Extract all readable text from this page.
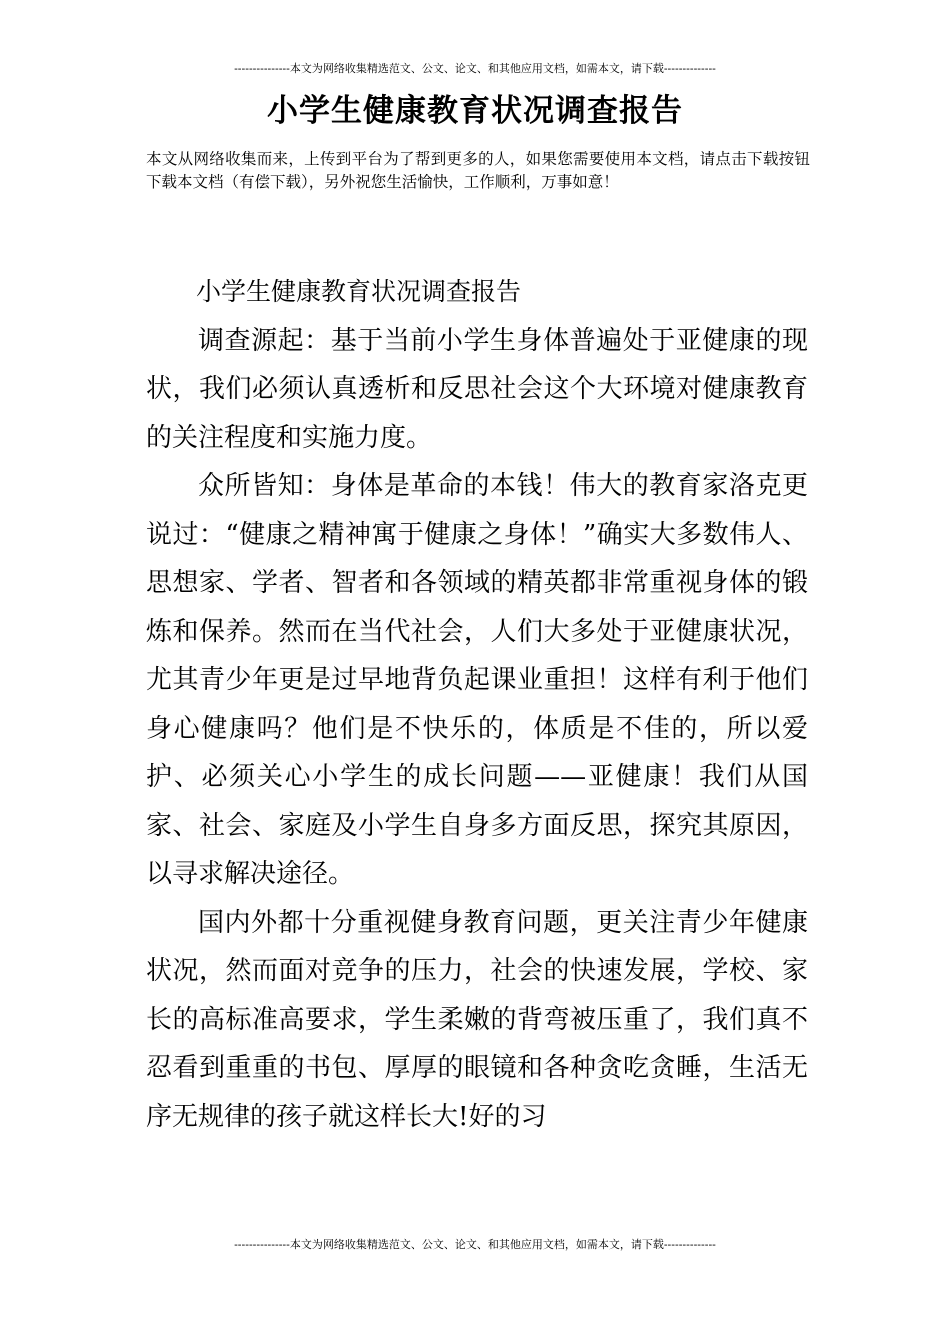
---------------本文为网络收集精选范文、公文、论文、和其他应用文档，如需本文，请下载--------------
小学生健康教育状况调查报告
本文从网络收集而来，上传到平台为了帮到更多的人，如果您需要使用本文档，请点击下载按钮下载本文档（有偿下载），另外祝您生活愉快，工作顺利，万事如意！

小学生健康教育状况调查报告

调查源起：基于当前小学生身体普遍处于亚健康的现状，我们必须认真透析和反思社会这个大环境对健康教育的关注程度和实施力度。

众所皆知：身体是革命的本钱！伟大的教育家洛克更说过：“健康之精神寓于健康之身体！”确实大多数伟人、思想家、学者、智者和各领域的精英都非常重视身体的锻炼和保养。然而在当代社会，人们大多处于亚健康状况，尤其青少年更是过早地背负起课业重担！这样有利于他们身心健康吗？他们是不快乐的，体质是不佳的，所以爱护、必须关心小学生的成长问题——亚健康！我们从国家、社会、家庭及小学生自身多方面反思，探究其原因，以寻求解决途径。

国内外都十分重视健身教育问题，更关注青少年健康状况，然而面对竞争的压力，社会的快速发展，学校、家长的高标准高要求，学生柔嫩的背弯被压重了，我们真不忍看到重重的书包、厚厚的眼镜和各种贪吃贪睡，生活无序无规律的孩子就这样长大!好的习

---------------本文为网络收集精选范文、公文、论文、和其他应用文档，如需本文，请下载--------------
